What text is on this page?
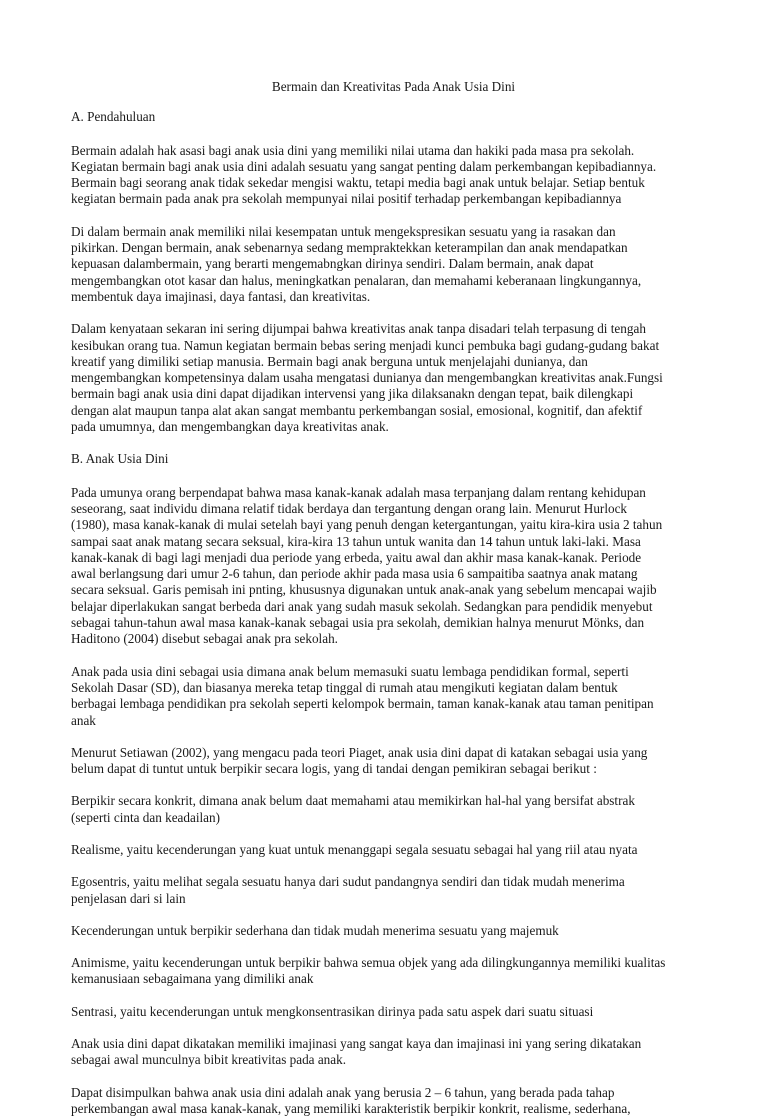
Bermain dan Kreativitas Pada Anak Usia Dini
A. Pendahuluan
Bermain adalah hak asasi bagi anak usia dini yang memiliki nilai utama dan hakiki pada masa pra sekolah.
Kegiatan bermain bagi anak usia dini adalah sesuatu yang sangat penting dalam perkembangan kepibadiannya.
Bermain bagi seorang anak tidak sekedar mengisi waktu, tetapi media bagi anak untuk belajar. Setiap bentuk
kegiatan bermain pada anak pra sekolah mempunyai nilai positif terhadap perkembangan kepibadiannya
Di dalam bermain anak memiliki nilai kesempatan untuk mengekspresikan sesuatu yang ia rasakan dan
pikirkan. Dengan bermain, anak sebenarnya sedang mempraktekkan keterampilan dan anak mendapatkan
kepuasan dalambermain, yang berarti mengemabngkan dirinya sendiri. Dalam bermain, anak dapat
mengembangkan otot kasar dan halus, meningkatkan penalaran, dan memahami keberanaan lingkungannya,
membentuk daya imajinasi, daya fantasi, dan kreativitas.
Dalam kenyataan sekaran ini sering dijumpai bahwa kreativitas anak tanpa disadari telah terpasung di tengah
kesibukan orang tua. Namun kegiatan bermain bebas sering menjadi kunci pembuka bagi gudang-gudang bakat
kreatif yang dimiliki setiap manusia. Bermain bagi anak berguna untuk menjelajahi dunianya, dan
mengembangkan kompetensinya dalam usaha mengatasi dunianya dan mengembangkan kreativitas anak.Fungsi
bermain bagi anak usia dini dapat dijadikan intervensi yang jika dilaksanakn dengan tepat, baik dilengkapi
dengan alat maupun tanpa alat akan sangat membantu perkembangan sosial, emosional, kognitif, dan afektif
pada umumnya, dan mengembangkan daya kreativitas anak.
B. Anak Usia Dini
Pada umunya orang berpendapat bahwa masa kanak-kanak adalah masa terpanjang dalam rentang kehidupan
seseorang, saat individu dimana relatif tidak berdaya dan tergantung dengan orang lain. Menurut Hurlock
(1980), masa kanak-kanak di mulai setelah bayi yang penuh dengan ketergantungan, yaitu kira-kira usia 2 tahun
sampai saat anak matang secara seksual, kira-kira 13 tahun untuk wanita dan 14 tahun untuk laki-laki. Masa
kanak-kanak di bagi lagi menjadi dua periode yang erbeda, yaitu awal dan akhir masa kanak-kanak. Periode
awal berlangsung dari umur 2-6 tahun, dan periode akhir pada masa usia 6 sampaitiba saatnya anak matang
secara seksual. Garis pemisah ini pnting, khususnya digunakan untuk anak-anak yang sebelum mencapai wajib
belajar diperlakukan sangat berbeda dari anak yang sudah masuk sekolah. Sedangkan para pendidik menyebut
sebagai tahun-tahun awal masa kanak-kanak sebagai usia pra sekolah, demikian halnya menurut Mönks, dan
Haditono (2004) disebut sebagai anak pra sekolah.
Anak pada usia dini sebagai usia dimana anak belum memasuki suatu lembaga pendidikan formal, seperti
Sekolah Dasar (SD), dan biasanya mereka tetap tinggal di rumah atau mengikuti kegiatan dalam bentuk
berbagai lembaga pendidikan pra sekolah seperti kelompok bermain, taman kanak-kanak atau taman penitipan
anak
Menurut Setiawan (2002), yang mengacu pada teori Piaget, anak usia dini dapat di katakan sebagai usia yang
belum dapat di tuntut untuk berpikir secara logis, yang di tandai dengan pemikiran sebagai berikut :
Berpikir secara konkrit, dimana anak belum daat memahami atau memikirkan hal-hal yang bersifat abstrak
(seperti cinta dan keadailan)
Realisme, yaitu kecenderungan yang kuat untuk menanggapi segala sesuatu sebagai hal yang riil atau nyata
Egosentris, yaitu melihat segala sesuatu hanya dari sudut pandangnya sendiri dan tidak mudah menerima
penjelasan dari si lain
Kecenderungan untuk berpikir sederhana dan tidak mudah menerima sesuatu yang majemuk
Animisme, yaitu kecenderungan untuk berpikir bahwa semua objek yang ada dilingkungannya memiliki kualitas
kemanusiaan sebagaimana yang dimiliki anak
Sentrasi, yaitu kecenderungan untuk mengkonsentrasikan dirinya pada satu aspek dari suatu situasi
Anak usia dini dapat dikatakan memiliki imajinasi yang sangat kaya dan imajinasi ini yang sering dikatakan
sebagai awal munculnya bibit kreativitas pada anak.
Dapat disimpulkan bahwa anak usia dini adalah anak yang berusia 2 – 6 tahun, yang berada pada tahap
perkembangan awal masa kanak-kanak, yang memiliki karakteristik berpikir konkrit, realisme, sederhana,
